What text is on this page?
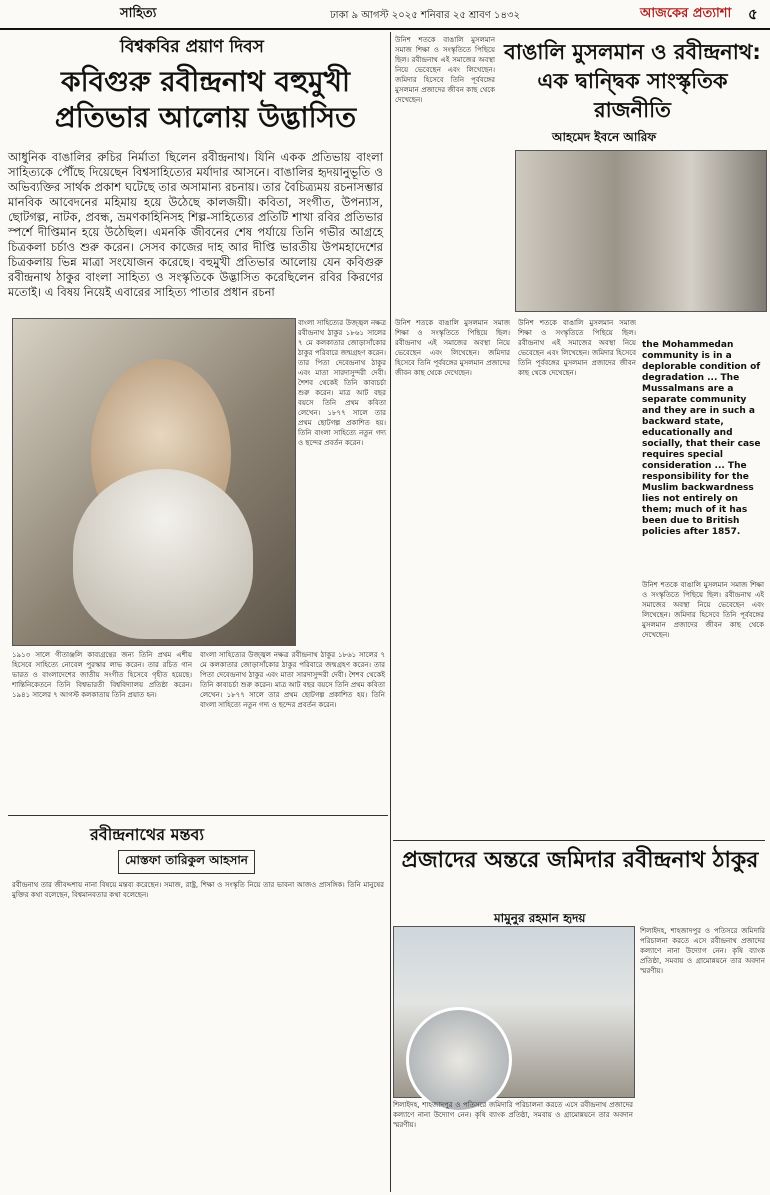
সাহিত্য	ঢাকা ৯ আগস্ট ২০২৫ শনিবার ২৫ শ্রাবণ ১৪৩২	আজকের প্রত্যাশা ৫
বিশ্বকবির প্রয়াণ দিবস
কবিগুরু রবীন্দ্রনাথ বহুমুখী প্রতিভার আলোয় উদ্ভাসিত
আধুনিক বাঙালির রুচির নির্মাতা ছিলেন রবীন্দ্রনাথ। যিনি একক প্রতিভায় বাংলা সাহিত্যকে পৌঁছে দিয়েছেন বিশ্বসাহিত্যের মর্যাদার আসনে। বাঙালির হৃদয়ানুভূতি ও অভিব্যক্তির সার্থক প্রকাশ ঘটেছে তার অসামান্য রচনায়। তার বৈচিত্র্যময় রচনাসম্ভার মানবিক আবেদনের মহিমায় হয়ে উঠেছে কালজয়ী। কবিতা, সংগীত, উপন্যাস, ছোটগল্প, নাটক, প্রবন্ধ, ভ্রমণকাহিনিসহ শিল্প-সাহিত্যের প্রতিটি শাখা রবির প্রতিভার স্পর্শে দীপ্তিমান হয়ে উঠেছিল। এমনকি জীবনের শেষ পর্যায়ে তিনি গভীর আগ্রহে চিত্রকলা চর্চাও শুরু করেন। সেসব কাজের দাহ আর দীপ্তি ভারতীয় উপমহাদেশের চিত্রকলায় ভিন্ন মাত্রা সংযোজন করেছে। বহুমুখী প্রতিভার আলোয় যেন কবিগুরু রবীন্দ্রনাথ ঠাকুর বাংলা সাহিত্য ও সংস্কৃতিকে উদ্ভাসিত করেছিলেন রবির কিরণের মতোই। এ বিষয় নিয়েই এবারের সাহিত্য পাতার প্রধান রচনা
বাংলা সাহিত্যের উজ্জ্বল নক্ষত্র রবীন্দ্রনাথ ঠাকুর ১৮৬১ সালের ৭ মে কলকাতার জোড়াসাঁকোর ঠাকুর পরিবারে জন্মগ্রহণ করেন। তার পিতা দেবেন্দ্রনাথ ঠাকুর এবং মাতা সারদাসুন্দরী দেবী। শৈশব থেকেই তিনি কাব্যচর্চা শুরু করেন। মাত্র আট বছর বয়সে তিনি প্রথম কবিতা লেখেন। ১৮৭৭ সালে তার প্রথম ছোটগল্প প্রকাশিত হয়। তিনি বাংলা সাহিত্যে নতুন গদ্য ও ছন্দের প্রবর্তন করেন।
১৯১৩ সালে গীতাঞ্জলি কাব্যগ্রন্থের জন্য তিনি প্রথম এশীয় হিসেবে সাহিত্যে নোবেল পুরস্কার লাভ করেন। তার রচিত গান ভারত ও বাংলাদেশের জাতীয় সংগীত হিসেবে গৃহীত হয়েছে। শান্তিনিকেতনে তিনি বিশ্বভারতী বিশ্ববিদ্যালয় প্রতিষ্ঠা করেন। ১৯৪১ সালের ৭ আগস্ট কলকাতায় তিনি প্রয়াত হন।
বাংলা সাহিত্যের উজ্জ্বল নক্ষত্র রবীন্দ্রনাথ ঠাকুর ১৮৬১ সালের ৭ মে কলকাতার জোড়াসাঁকোর ঠাকুর পরিবারে জন্মগ্রহণ করেন। তার পিতা দেবেন্দ্রনাথ ঠাকুর এবং মাতা সারদাসুন্দরী দেবী। শৈশব থেকেই তিনি কাব্যচর্চা শুরু করেন। মাত্র আট বছর বয়সে তিনি প্রথম কবিতা লেখেন। ১৮৭৭ সালে তার প্রথম ছোটগল্প প্রকাশিত হয়। তিনি বাংলা সাহিত্যে নতুন গদ্য ও ছন্দের প্রবর্তন করেন।
রবীন্দ্রনাথের মন্তব্য
মোস্তফা তারিকুল আহসান
রবীন্দ্রনাথ তার জীবদ্দশায় নানা বিষয়ে মন্তব্য করেছেন। সমাজ, রাষ্ট্র, শিক্ষা ও সংস্কৃতি নিয়ে তার ভাবনা আজও প্রাসঙ্গিক। তিনি মানুষের মুক্তির কথা বলেছেন, বিশ্বমানবতার কথা বলেছেন।
বাঙালি মুসলমান ও রবীন্দ্রনাথ: এক দ্বান্দ্বিক সাংস্কৃতিক রাজনীতি
আহমেদ ইবনে আরিফ
উনিশ শতকে বাঙালি মুসলমান সমাজ শিক্ষা ও সংস্কৃতিতে পিছিয়ে ছিল। রবীন্দ্রনাথ এই সমাজের অবস্থা নিয়ে ভেবেছেন এবং লিখেছেন। জমিদার হিসেবে তিনি পূর্ববঙ্গের মুসলমান প্রজাদের জীবন কাছ থেকে দেখেছেন।
উনিশ শতকে বাঙালি মুসলমান সমাজ শিক্ষা ও সংস্কৃতিতে পিছিয়ে ছিল। রবীন্দ্রনাথ এই সমাজের অবস্থা নিয়ে ভেবেছেন এবং লিখেছেন। জমিদার হিসেবে তিনি পূর্ববঙ্গের মুসলমান প্রজাদের জীবন কাছ থেকে দেখেছেন।
উনিশ শতকে বাঙালি মুসলমান সমাজ শিক্ষা ও সংস্কৃতিতে পিছিয়ে ছিল। রবীন্দ্রনাথ এই সমাজের অবস্থা নিয়ে ভেবেছেন এবং লিখেছেন। জমিদার হিসেবে তিনি পূর্ববঙ্গের মুসলমান প্রজাদের জীবন কাছ থেকে দেখেছেন।
the Mohammedan community is in a deplorable condition of degradation ... The Mussalmans are a separate community and they are in such a backward state, educationally and socially, that their case requires special consideration ... The responsibility for the Muslim backwardness lies not entirely on them; much of it has been due to British policies after 1857.
উনিশ শতকে বাঙালি মুসলমান সমাজ শিক্ষা ও সংস্কৃতিতে পিছিয়ে ছিল। রবীন্দ্রনাথ এই সমাজের অবস্থা নিয়ে ভেবেছেন এবং লিখেছেন। জমিদার হিসেবে তিনি পূর্ববঙ্গের মুসলমান প্রজাদের জীবন কাছ থেকে দেখেছেন।
প্রজাদের অন্তরে জমিদার রবীন্দ্রনাথ ঠাকুর
মামুনুর রহমান হৃদয়
শিলাইদহ, শাহজাদপুর ও পতিসরে জমিদারি পরিচালনা করতে এসে রবীন্দ্রনাথ প্রজাদের কল্যাণে নানা উদ্যোগ নেন। কৃষি ব্যাংক প্রতিষ্ঠা, সমবায় ও গ্রামোন্নয়নে তার অবদান স্মরণীয়।
শিলাইদহ, শাহজাদপুর ও পতিসরে জমিদারি পরিচালনা করতে এসে রবীন্দ্রনাথ প্রজাদের কল্যাণে নানা উদ্যোগ নেন। কৃষি ব্যাংক প্রতিষ্ঠা, সমবায় ও গ্রামোন্নয়নে তার অবদান স্মরণীয়।
